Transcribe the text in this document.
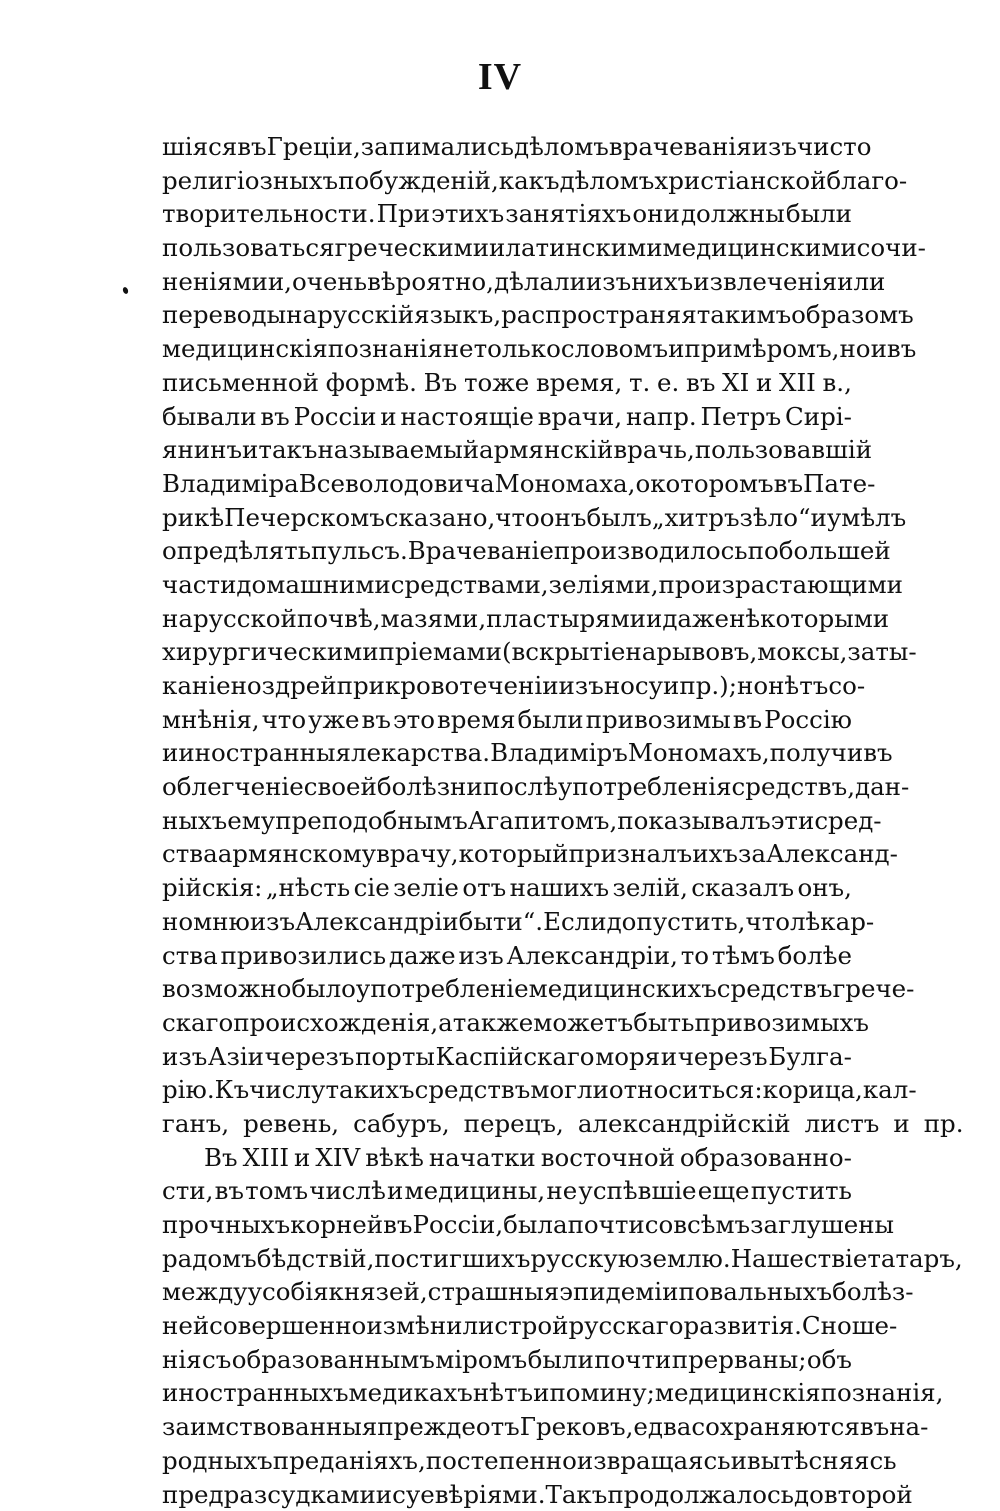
IV
шіяся въ Греціи, запимались дѣломъ врачеванія изъ чисто
религіозныхъ побужденій, какъ дѣломъ христіанской благо-
творительности. При этихъ занятіяхъ они должны были
пользоваться греческими и латинскими медицинскими сочи-
неніями и, очень вѣроятно, дѣлали изъ нихъ извлеченія или
переводы на русскій языкъ, распространяя такимъ образомъ
медицинскія познанія не только словомъ и примѣромъ, но и въ
письменной формѣ. Въ тоже время, т. е. въ XI и XII в.,
бывали въ Россіи и настоящіе врачи, напр. Петръ Сирі-
янинъ и такъ называемый армянскій врачь, пользовавшій
Владиміра Всеволодовича Мономаха, о которомъ въ Пате-
рикѣ Печерскомъ сказано, что онъ былъ „хитръ зѣло“ и умѣлъ
опредѣлять пульсъ. Врачеваніе производилось по большей
части домашними средствами, зеліями, произрастающими
на русской почвѣ, мазями, пластырями и даже нѣкоторыми
хирургическими пріемами (вскрытіе нарывовъ, моксы, заты-
каніе ноздрей при кровотеченіи изъ носу и пр.); но нѣтъ со-
мнѣнія, что уже въ это время были привозимы въ Россію
и иностранныя лекарства. Владиміръ Мономахъ, получивъ
облегченіе своей болѣзни послѣ употребленія средствъ, дан-
ныхъ ему преподобнымъ Агапитомъ, показывалъ эти сред-
ства армянскому врачу, который призналъ ихъ за Александ-
рійскія: „нѣсть сіе зеліе отъ нашихъ зелій, сказалъ онъ,
но мню изъ Александріи быти“. Если допустить, что лѣкар-
ства привозились даже изъ Александріи, то тѣмъ болѣе
возможно было употребленіе медицинскихъ средствъ грече-
скаго происхожденія, а также можетъ быть привозимыхъ
изъ Азіи черезъ порты Каспійскаго моря и черезъ Булга-
рію. Къ числу такихъ средствъ могли относиться: корица, кал-
ганъ, ревень, сабуръ, перецъ, александрійскій листъ и пр.
Въ XIII и XIV вѣкѣ начатки восточной образованно-
сти, въ томъ числѣ и медицины, не успѣвшіе еще пустить
прочныхъ корней въ Россіи, была почти совсѣмъ заглушены
радомъ бѣдствій, постигшихъ русскую землю. Нашествіе татаръ,
междуусобія князей, страшныя эпидеміи повальныхъ болѣз-
ней совершенно измѣнили строй русскаго развитія. Сноше-
нія съ образованнымъ міромъ были почти прерваны; объ
иностранныхъ медикахъ нѣтъ и помину; медицинскія познанія,
заимствованныя прежде отъ Грековъ, едва сохраняются въ на-
родныхъ преданіяхъ, постепенно извращаясь и вытѣсняясь
предразсудками и суевѣріями. Такъ продолжалось до второй
